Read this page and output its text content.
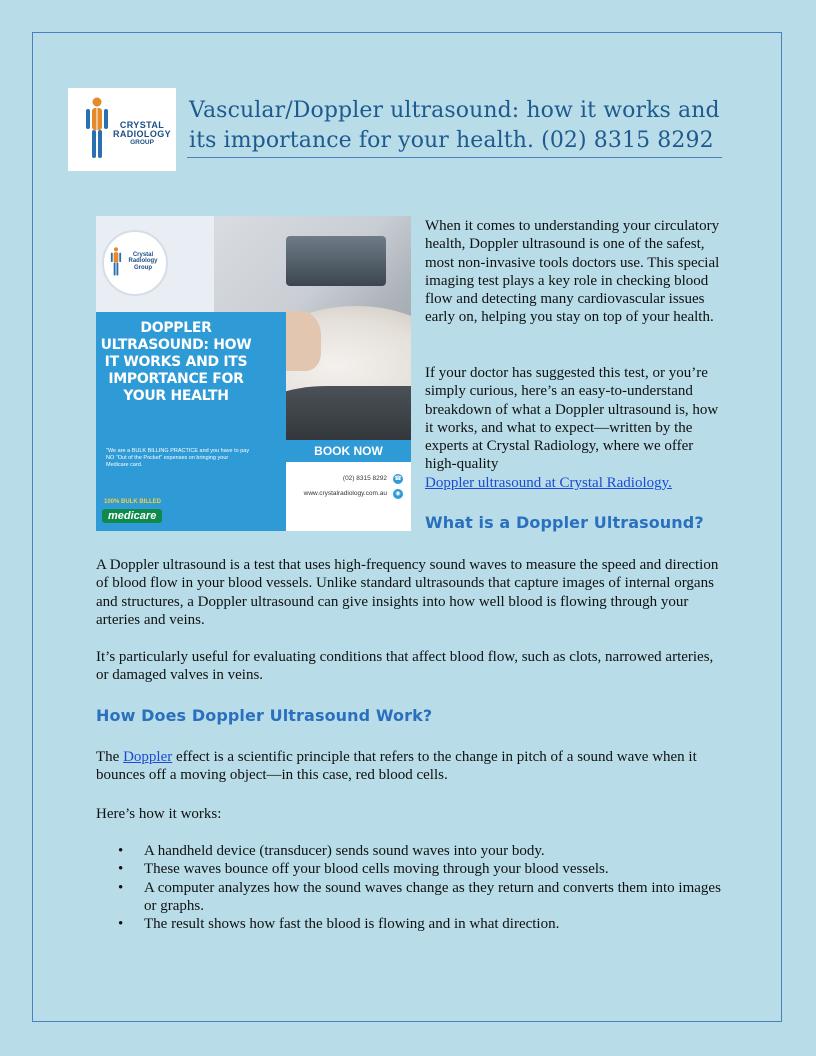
CRYSTAL
RADIOLOGY
GROUP
Vascular/Doppler ultrasound: how it works and its importance for your health. (02) 8315 8292
Crystal Radiology Group
DOPPLER ULTRASOUND: HOW IT WORKS AND ITS IMPORTANCE FOR YOUR HEALTH
"We are a BULK BILLING PRACTICE and you have to pay NO "Out of the Pocket" expenses on bringing your Medicare card.
100% BULK BILLED
medicare
BOOK NOW
(02) 8315 8292 ☎
www.crystalradiology.com.au	◉

When it comes to understanding your circulatory health, Doppler ultrasound is one of the safest, most non-invasive tools doctors use. This special imaging test plays a key role in checking blood flow and detecting many cardiovascular issues early on, helping you stay on top of your health.

If your doctor has suggested this test, or you’re simply curious, here’s an easy-to-understand breakdown of what a Doppler ultrasound is, how it works, and what to expect—written by the experts at Crystal Radiology, where we offer high-quality
Doppler ultrasound at Crystal Radiology.

What is a Doppler Ultrasound?

A Doppler ultrasound is a test that uses high-frequency sound waves to measure the speed and direction of blood flow in your blood vessels. Unlike standard ultrasounds that capture images of internal organs and structures, a Doppler ultrasound can give insights into how well blood is flowing through your arteries and veins.

It’s particularly useful for evaluating conditions that affect blood flow, such as clots, narrowed arteries, or damaged valves in veins.

How Does Doppler Ultrasound Work?

The Doppler effect is a scientific principle that refers to the change in pitch of a sound wave when it bounces off a moving object—in this case, red blood cells.

Here’s how it works:

• A handheld device (transducer) sends sound waves into your body.
• These waves bounce off your blood cells moving through your blood vessels.
• A computer analyzes how the sound waves change as they return and converts them into images or graphs.
• The result shows how fast the blood is flowing and in what direction.
